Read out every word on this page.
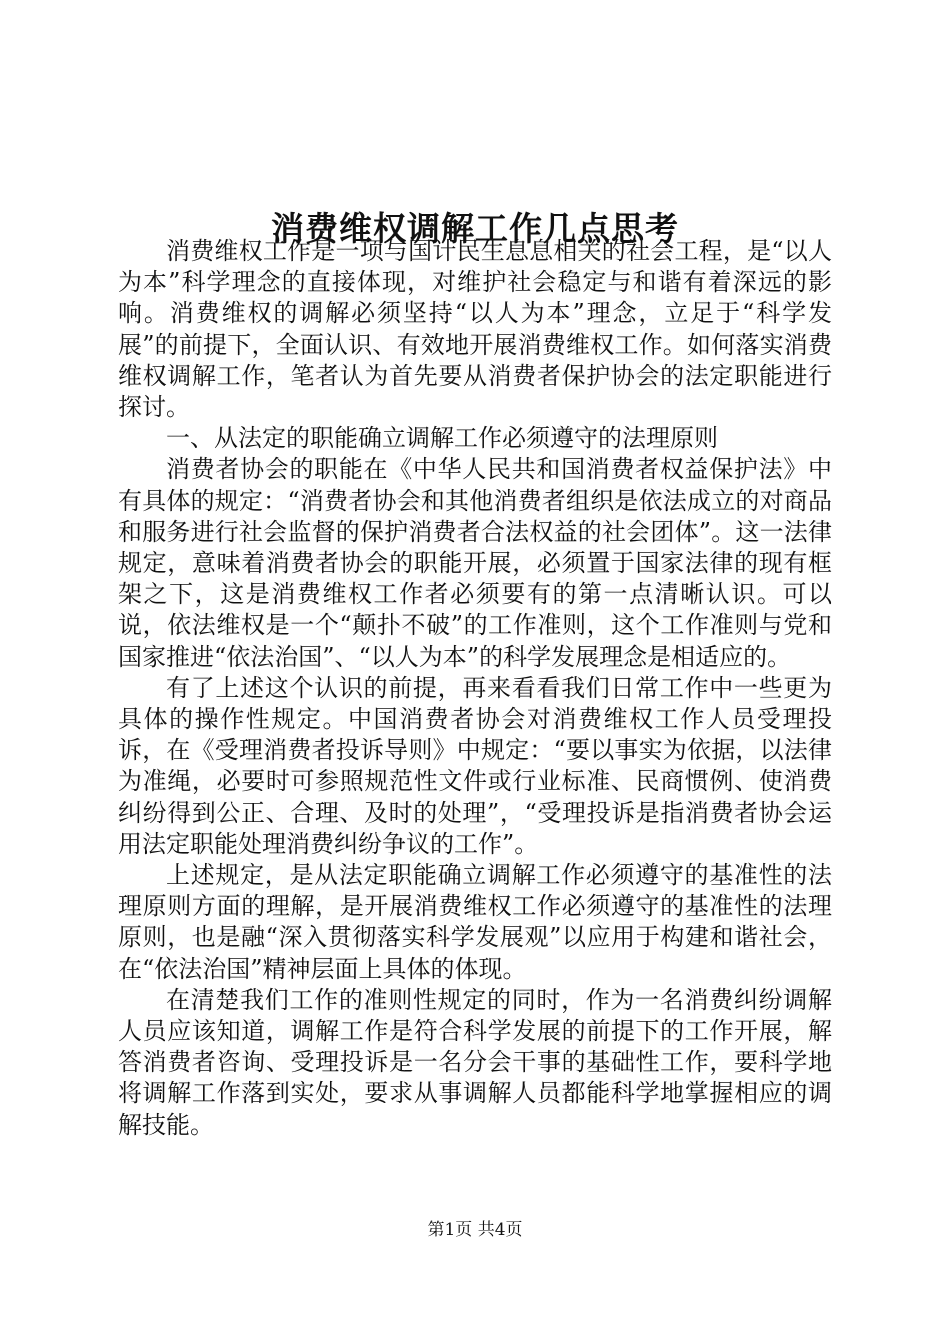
消费维权调解工作几点思考

消费维权工作是一项与国计民生息息相关的社会工程，是“以人为本”科学理念的直接体现，对维护社会稳定与和谐有着深远的影响。消费维权的调解必须坚持“以人为本”理念，立足于“科学发展”的前提下，全面认识、有效地开展消费维权工作。如何落实消费维权调解工作，笔者认为首先要从消费者保护协会的法定职能进行探讨。

一、从法定的职能确立调解工作必须遵守的法理原则

消费者协会的职能在《中华人民共和国消费者权益保护法》中有具体的规定：“消费者协会和其他消费者组织是依法成立的对商品和服务进行社会监督的保护消费者合法权益的社会团体”。这一法律规定，意味着消费者协会的职能开展，必须置于国家法律的现有框架之下，这是消费维权工作者必须要有的第一点清晰认识。可以说，依法维权是一个“颠扑不破”的工作准则，这个工作准则与党和国家推进“依法治国”、“以人为本”的科学发展理念是相适应的。

有了上述这个认识的前提，再来看看我们日常工作中一些更为具体的操作性规定。中国消费者协会对消费维权工作人员受理投诉，在《受理消费者投诉导则》中规定：“要以事实为依据，以法律为准绳，必要时可参照规范性文件或行业标准、民商惯例、使消费纠纷得到公正、合理、及时的处理”，“受理投诉是指消费者协会运用法定职能处理消费纠纷争议的工作”。

上述规定，是从法定职能确立调解工作必须遵守的基准性的法理原则方面的理解，是开展消费维权工作必须遵守的基准性的法理原则，也是融“深入贯彻落实科学发展观”以应用于构建和谐社会，在“依法治国”精神层面上具体的体现。

在清楚我们工作的准则性规定的同时，作为一名消费纠纷调解人员应该知道，调解工作是符合科学发展的前提下的工作开展，解答消费者咨询、受理投诉是一名分会干事的基础性工作，要科学地将调解工作落到实处，要求从事调解人员都能科学地掌握相应的调解技能。

第1页 共4页
